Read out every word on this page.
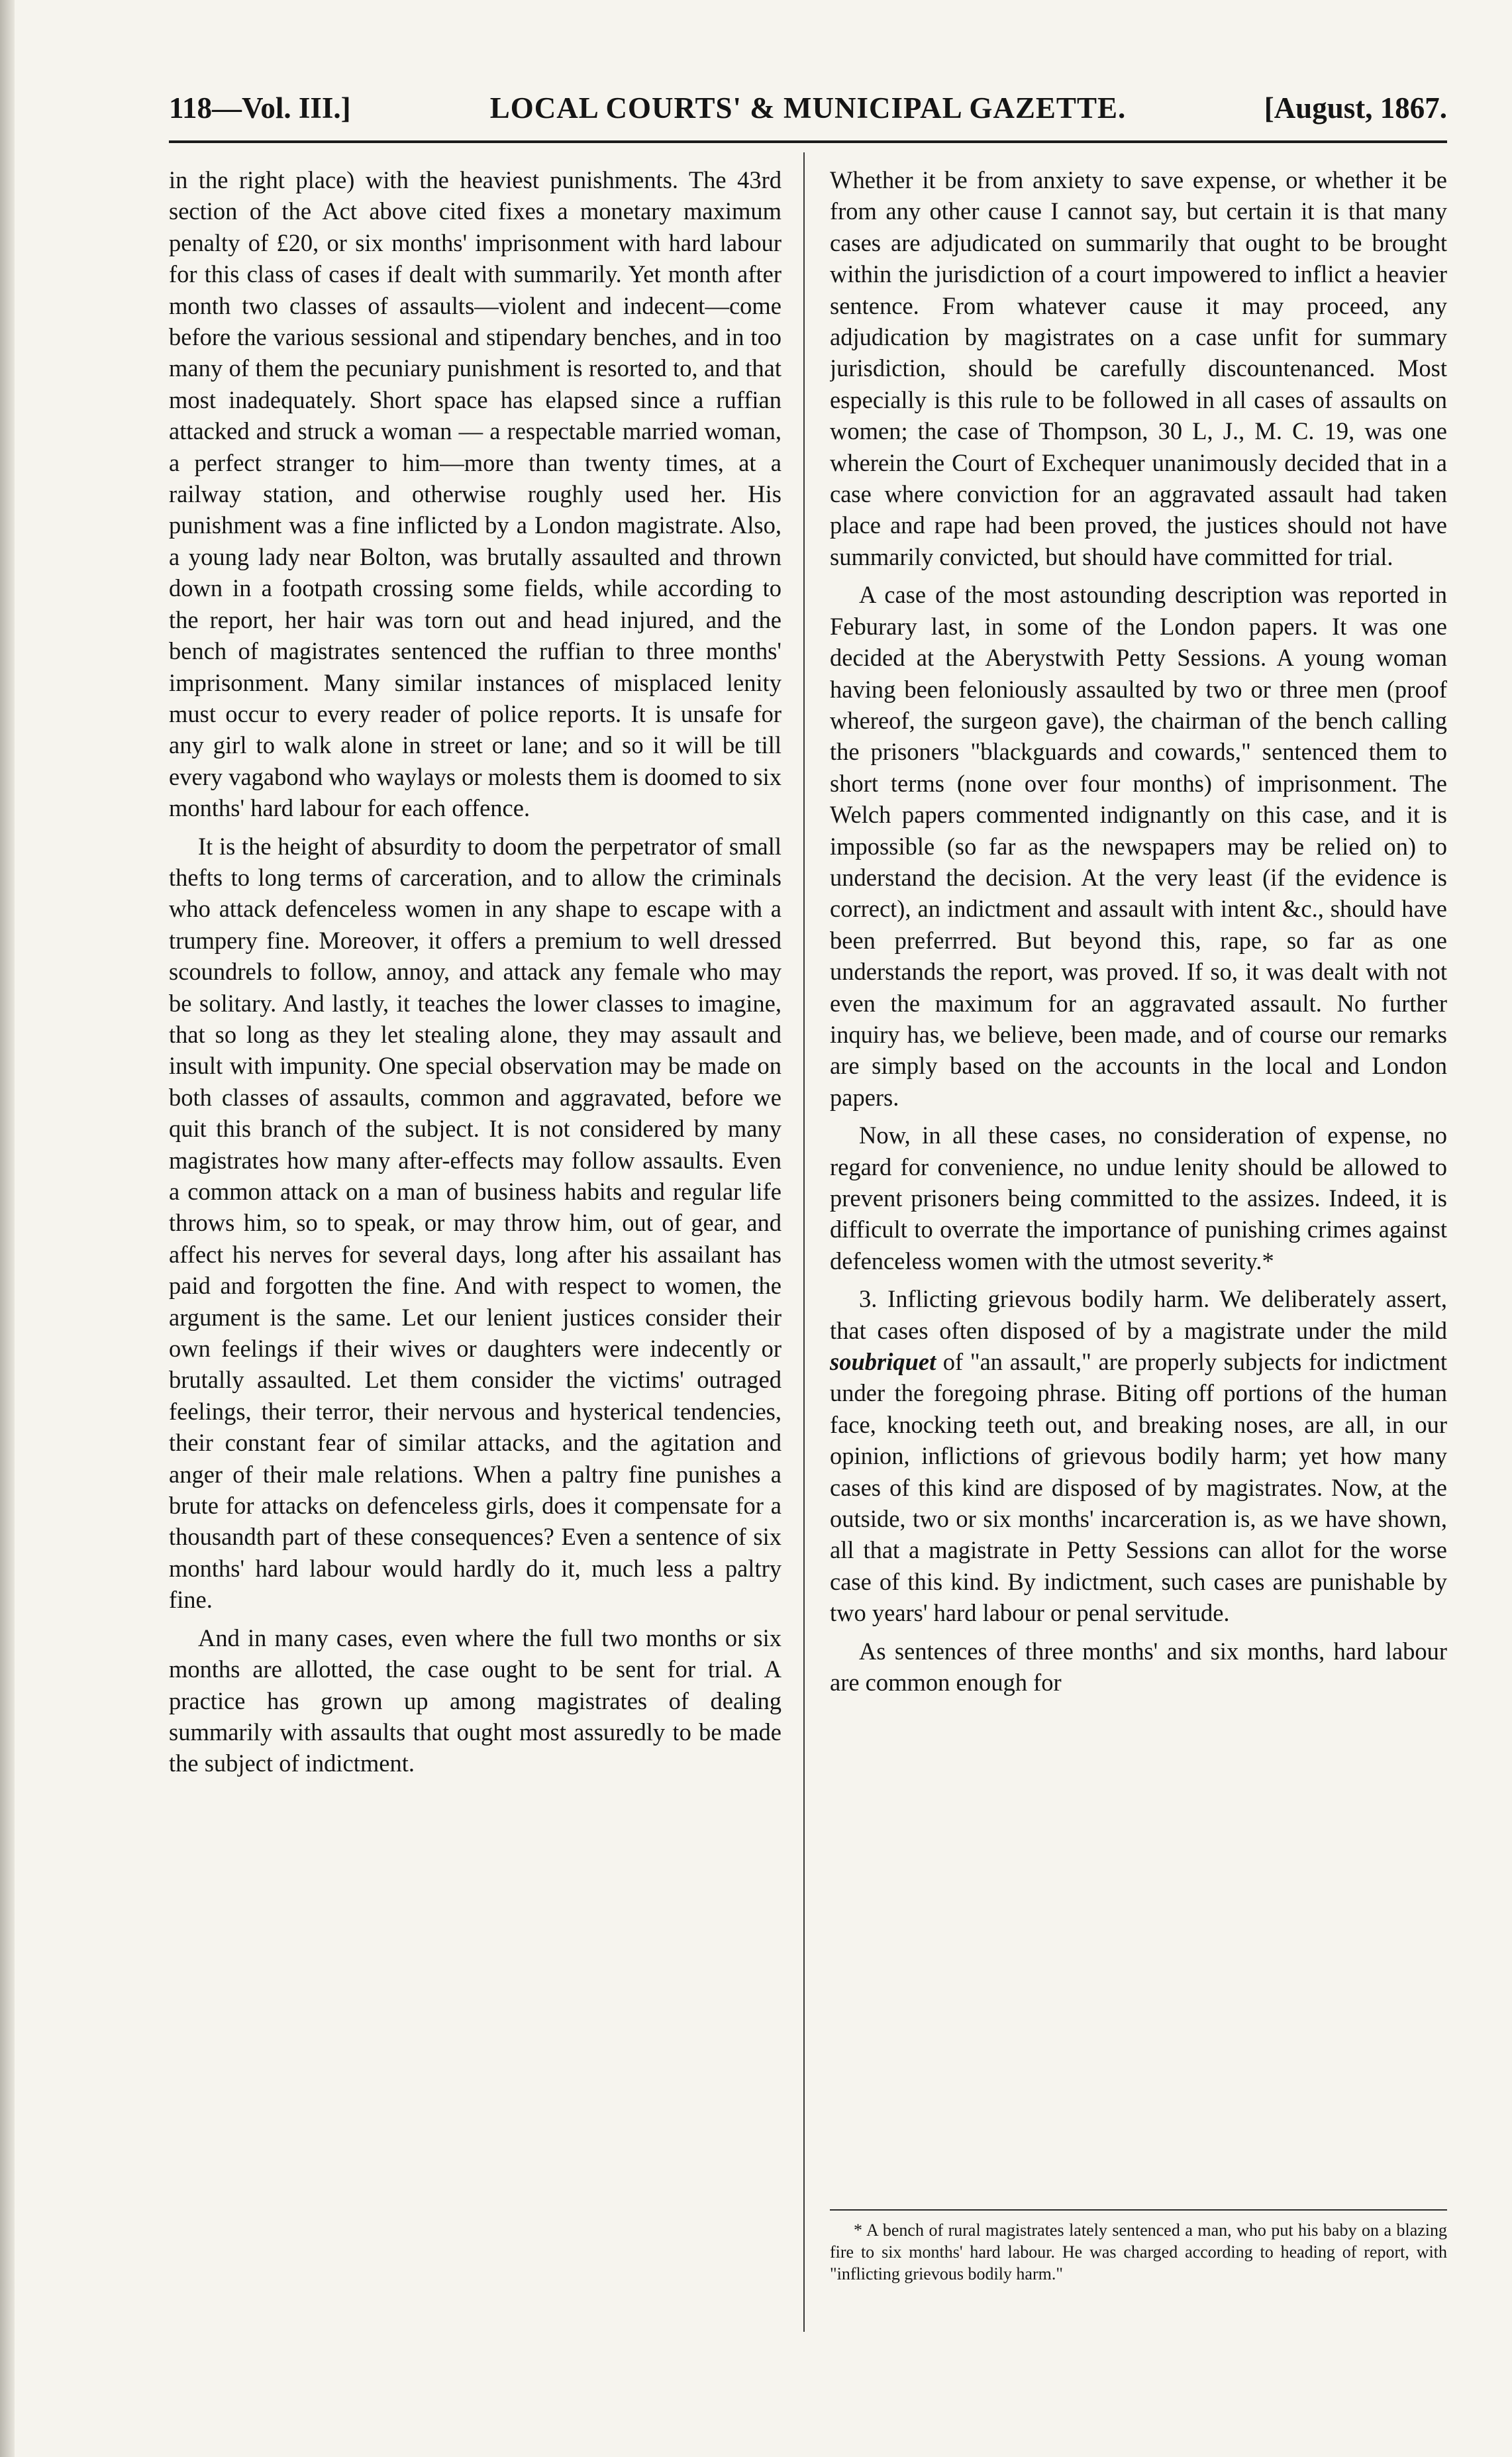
LOCAL COURTS' & MUNICIPAL GAZETTE.
118—Vol. III.]	[August, 1867.

in the right place) with the heaviest punishments. The 43rd section of the Act above cited fixes a monetary maximum penalty of £20, or six months' imprisonment with hard labour for this class of cases if dealt with summarily. Yet month after month two classes of assaults—violent and indecent—come before the various sessional and stipendary benches, and in too many of them the pecuniary punishment is resorted to, and that most inadequately. Short space has elapsed since a ruffian attacked and struck a woman — a respectable married woman, a perfect stranger to him—more than twenty times, at a railway station, and otherwise roughly used her. His punishment was a fine inflicted by a London magistrate. Also, a young lady near Bolton, was brutally assaulted and thrown down in a footpath crossing some fields, while according to the report, her hair was torn out and head injured, and the bench of magistrates sentenced the ruffian to three months' imprisonment. Many similar instances of misplaced lenity must occur to every reader of police reports. It is unsafe for any girl to walk alone in street or lane; and so it will be till every vagabond who waylays or molests them is doomed to six months' hard labour for each offence.

It is the height of absurdity to doom the perpetrator of small thefts to long terms of carceration, and to allow the criminals who attack defenceless women in any shape to escape with a trumpery fine. Moreover, it offers a premium to well dressed scoundrels to follow, annoy, and attack any female who may be solitary. And lastly, it teaches the lower classes to imagine, that so long as they let stealing alone, they may assault and insult with impunity. One special observation may be made on both classes of assaults, common and aggravated, before we quit this branch of the subject. It is not considered by many magistrates how many after-effects may follow assaults. Even a common attack on a man of business habits and regular life throws him, so to speak, or may throw him, out of gear, and affect his nerves for several days, long after his assailant has paid and forgotten the fine. And with respect to women, the argument is the same. Let our lenient justices consider their own feelings if their wives or daughters were indecently or brutally assaulted. Let them consider the victims' outraged feelings, their terror, their nervous and hysterical tendencies, their constant fear of similar attacks, and the agitation and anger of their male relations. When a paltry fine punishes a brute for attacks on defenceless girls, does it compensate for a thousandth part of these consequences? Even a sentence of six months' hard labour would hardly do it, much less a paltry fine.

And in many cases, even where the full two months or six months are allotted, the case ought to be sent for trial. A practice has grown up among magistrates of dealing summarily with assaults that ought most assuredly to be made the subject of indictment.

Whether it be from anxiety to save expense, or whether it be from any other cause I cannot say, but certain it is that many cases are adjudicated on summarily that ought to be brought within the jurisdiction of a court impowered to inflict a heavier sentence. From whatever cause it may proceed, any adjudication by magistrates on a case unfit for summary jurisdiction, should be carefully discountenanced. Most especially is this rule to be followed in all cases of assaults on women; the case of Thompson, 30 L, J., M. C. 19, was one wherein the Court of Exchequer unanimously decided that in a case where conviction for an aggravated assault had taken place and rape had been proved, the justices should not have summarily convicted, but should have committed for trial.

A case of the most astounding description was reported in Feburary last, in some of the London papers. It was one decided at the Aberystwith Petty Sessions. A young woman having been feloniously assaulted by two or three men (proof whereof, the surgeon gave), the chairman of the bench calling the prisoners "blackguards and cowards," sentenced them to short terms (none over four months) of imprisonment. The Welch papers commented indignantly on this case, and it is impossible (so far as the newspapers may be relied on) to understand the decision. At the very least (if the evidence is correct), an indictment and assault with intent &c., should have been preferrred. But beyond this, rape, so far as one understands the report, was proved. If so, it was dealt with not even the maximum for an aggravated assault. No further inquiry has, we believe, been made, and of course our remarks are simply based on the accounts in the local and London papers.

Now, in all these cases, no consideration of expense, no regard for convenience, no undue lenity should be allowed to prevent prisoners being committed to the assizes. Indeed, it is difficult to overrate the importance of punishing crimes against defenceless women with the utmost severity.*

3. Inflicting grievous bodily harm. We deliberately assert, that cases often disposed of by a magistrate under the mild soubriquet of "an assault," are properly subjects for indictment under the foregoing phrase. Biting off portions of the human face, knocking teeth out, and breaking noses, are all, in our opinion, inflictions of grievous bodily harm; yet how many cases of this kind are disposed of by magistrates. Now, at the outside, two or six months' incarceration is, as we have shown, all that a magistrate in Petty Sessions can allot for the worse case of this kind. By indictment, such cases are punishable by two years' hard labour or penal servitude.

As sentences of three months' and six months, hard labour are common enough for

* A bench of rural magistrates lately sentenced a man, who put his baby on a blazing fire to six months' hard labour. He was charged according to heading of report, with "inflicting grievous bodily harm."
